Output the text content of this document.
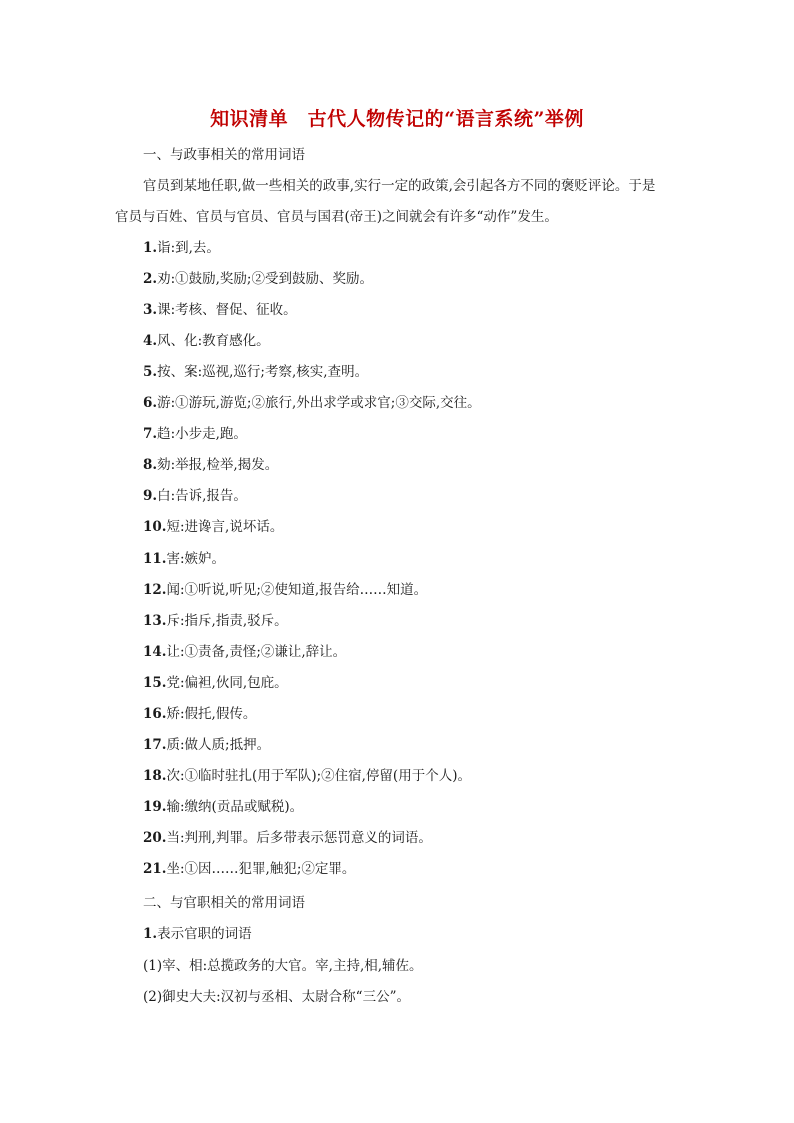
知识清单　古代人物传记的“语言系统”举例
一、与政事相关的常用词语
官员到某地任职,做一些相关的政事,实行一定的政策,会引起各方不同的褒贬评论。于是
官员与百姓、官员与官员、官员与国君(帝王)之间就会有许多“动作”发生。
1.诣:到,去。
2.劝:①鼓励,奖励;②受到鼓励、奖励。
3.课:考核、督促、征收。
4.风、化:教育感化。
5.按、案:巡视,巡行;考察,核实,查明。
6.游:①游玩,游览;②旅行,外出求学或求官;③交际,交往。
7.趋:小步走,跑。
8.劾:举报,检举,揭发。
9.白:告诉,报告。
10.短:进谗言,说坏话。
11.害:嫉妒。
12.闻:①听说,听见;②使知道,报告给……知道。
13.斥:指斥,指责,驳斥。
14.让:①责备,责怪;②谦让,辞让。
15.党:偏袒,伙同,包庇。
16.矫:假托,假传。
17.质:做人质;抵押。
18.次:①临时驻扎(用于军队);②住宿,停留(用于个人)。
19.输:缴纳(贡品或赋税)。
20.当:判刑,判罪。后多带表示惩罚意义的词语。
21.坐:①因……犯罪,触犯;②定罪。
二、与官职相关的常用词语
1.表示官职的词语
(1)宰、相:总揽政务的大官。宰,主持,相,辅佐。
(2)御史大夫:汉初与丞相、太尉合称“三公”。
